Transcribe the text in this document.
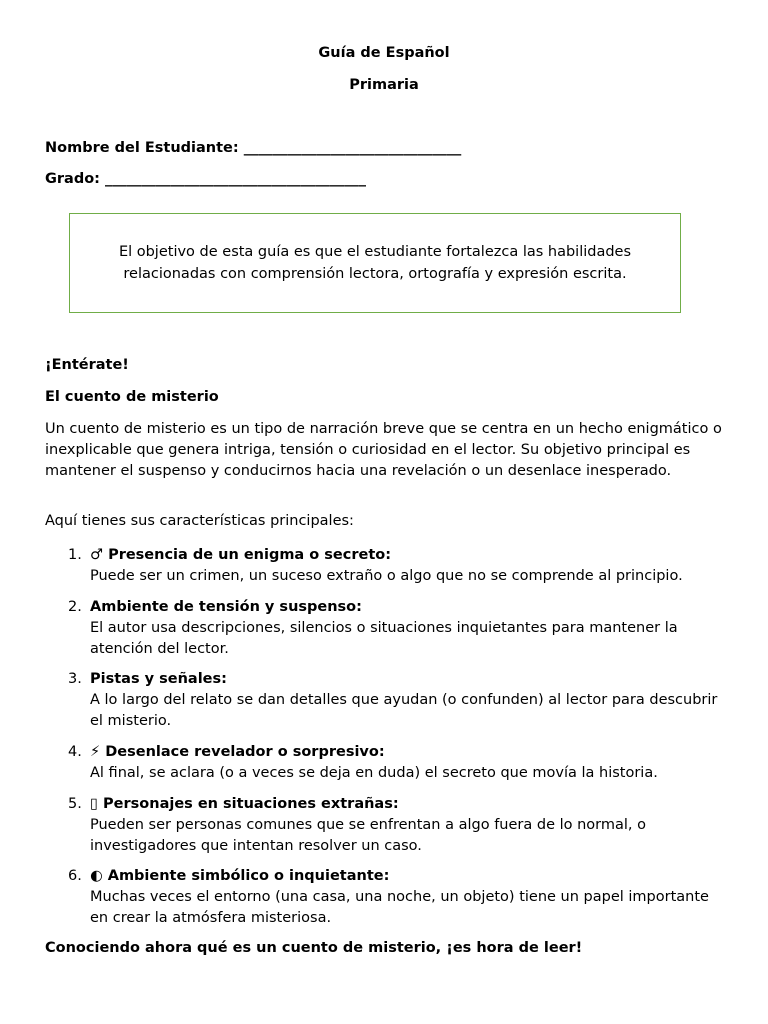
Guía de Español
Primaria
Nombre del Estudiante: ______________________________
Grado: ____________________________________
El objetivo de esta guía es que el estudiante fortalezca las habilidades relacionadas con comprensión lectora, ortografía y expresión escrita.
¡Entérate!
El cuento de misterio
Un cuento de misterio es un tipo de narración breve que se centra en un hecho enigmático o inexplicable que genera intriga, tensión o curiosidad en el lector. Su objetivo principal es mantener el suspenso y conducirnos hacia una revelación o un desenlace inesperado.
Aquí tienes sus características principales:
1. ♂ Presencia de un enigma o secreto:
Puede ser un crimen, un suceso extraño o algo que no se comprende al principio.
2. Ambiente de tensión y suspenso:
El autor usa descripciones, silencios o situaciones inquietantes para mantener la atención del lector.
3. Pistas y señales:
A lo largo del relato se dan detalles que ayudan (o confunden) al lector para descubrir el misterio.
4. ⚡ Desenlace revelador o sorpresivo:
Al final, se aclara (o a veces se deja en duda) el secreto que movía la historia.
5. ▯ Personajes en situaciones extrañas:
Pueden ser personas comunes que se enfrentan a algo fuera de lo normal, o investigadores que intentan resolver un caso.
6. ◐ Ambiente simbólico o inquietante:
Muchas veces el entorno (una casa, una noche, un objeto) tiene un papel importante en crear la atmósfera misteriosa.
Conociendo ahora qué es un cuento de misterio, ¡es hora de leer!
